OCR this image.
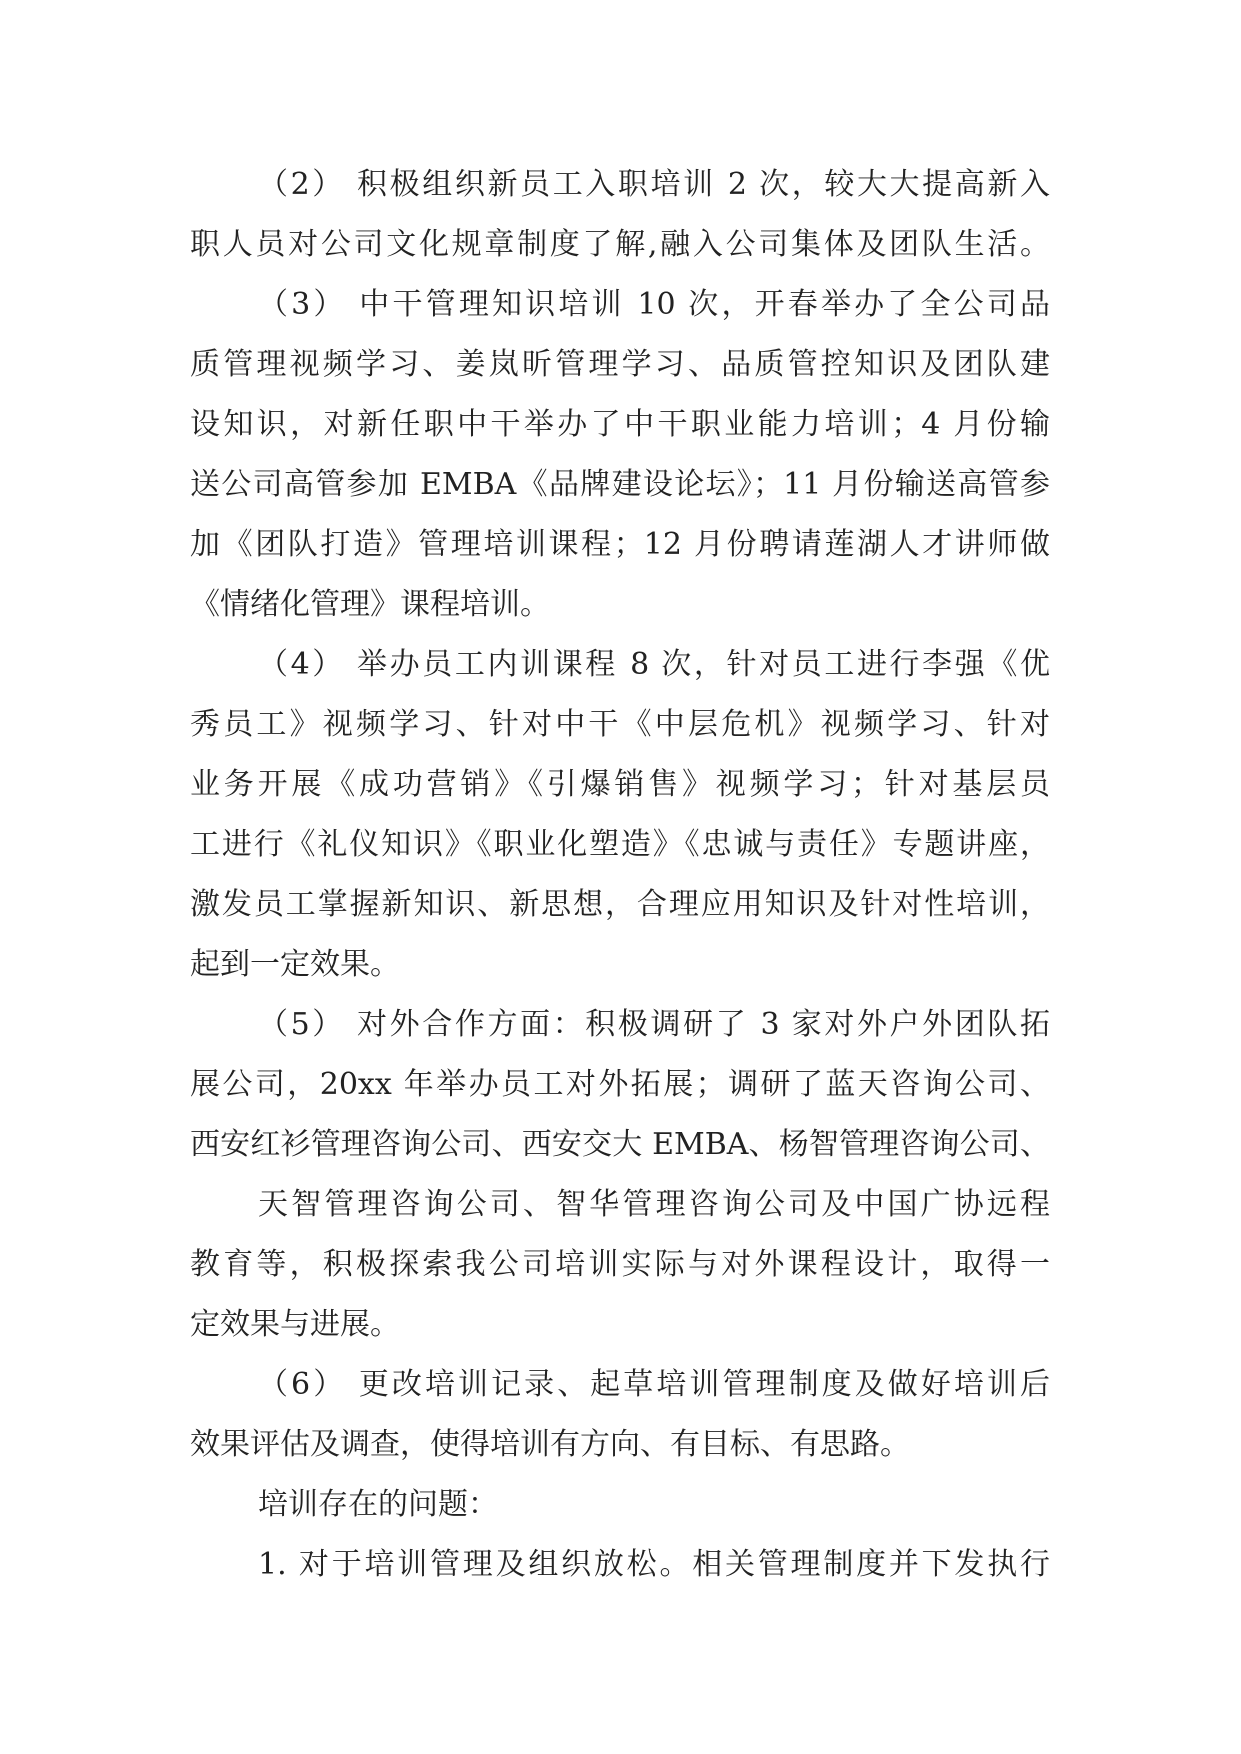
（2） 积极组织新员工入职培训 2 次，较大大提高新入
职人员对公司文化规章制度了解,融入公司集体及团队生活。
（3） 中干管理知识培训 10 次，开春举办了全公司品
质管理视频学习、姜岚昕管理学习、品质管控知识及团队建
设知识，对新任职中干举办了中干职业能力培训；4 月份输
送公司高管参加 EMBA《品牌建设论坛》；11 月份输送高管参
加《团队打造》管理培训课程；12 月份聘请莲湖人才讲师做
《情绪化管理》课程培训。
（4） 举办员工内训课程 8 次，针对员工进行李强《优
秀员工》视频学习、针对中干《中层危机》视频学习、针对
业务开展《成功营销》《引爆销售》视频学习；针对基层员
工进行《礼仪知识》《职业化塑造》《忠诚与责任》专题讲座，
激发员工掌握新知识、新思想，合理应用知识及针对性培训，
起到一定效果。
（5） 对外合作方面：积极调研了 3 家对外户外团队拓
展公司，20xx 年举办员工对外拓展；调研了蓝天咨询公司、
西安红衫管理咨询公司、西安交大 EMBA、杨智管理咨询公司、
天智管理咨询公司、智华管理咨询公司及中国广协远程
教育等，积极探索我公司培训实际与对外课程设计，取得一
定效果与进展。
（6） 更改培训记录、起草培训管理制度及做好培训后
效果评估及调查，使得培训有方向、有目标、有思路。
培训存在的问题：
1. 对于培训管理及组织放松。相关管理制度并下发执行
